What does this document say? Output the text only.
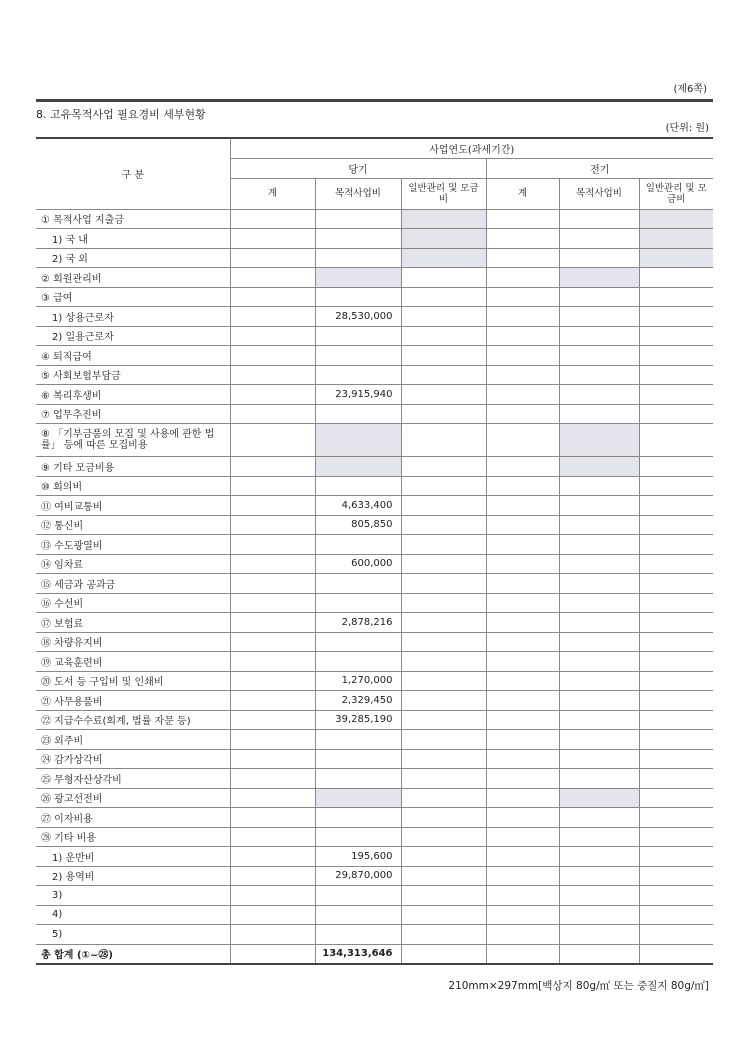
(제6쪽)
8. 고유목적사업 필요경비 세부현황
(단위: 원)
구 분	사업연도(과세기간)					
	당기			전기		
	계	목적사업비	일반관리 및 모금비	계	목적사업비	일반관리 및 모금비
① 목적사업 지출금						
1) 국 내						
2) 국 외						
② 회원관리비						
③ 급여						
1) 상용근로자		28,530,000				
2) 일용근로자						
④ 퇴직급여						
⑤ 사회보험부담금						
⑥ 복리후생비		23,915,940				
⑦ 업무추진비						
⑧ 「기부금품의 모집 및 사용에 관한 법률」 등에 따른 모집비용						
⑨ 기타 모금비용						
⑩ 회의비						
⑪ 여비교통비		4,633,400				
⑫ 통신비		805,850				
⑬ 수도광열비						
⑭ 임차료		600,000				
⑮ 세금과 공과금						
⑯ 수선비						
⑰ 보험료		2,878,216				
⑱ 차량유지비						
⑲ 교육훈련비						
⑳ 도서 등 구입비 및 인쇄비		1,270,000				
㉑ 사무용품비		2,329,450				
㉒ 지급수수료(회계, 법률 자문 등)		39,285,190				
㉓ 외주비						
㉔ 감가상각비						
㉕ 무형자산상각비						
㉖ 광고선전비						
㉗ 이자비용						
㉘ 기타 비용						
1) 운반비		195,600				
2) 용역비		29,870,000				
3)						
4)						
5)						
총 합계 (①~㉘)		134,313,646				
210mm×297mm[백상지 80g/㎡ 또는 중질지 80g/㎡]
